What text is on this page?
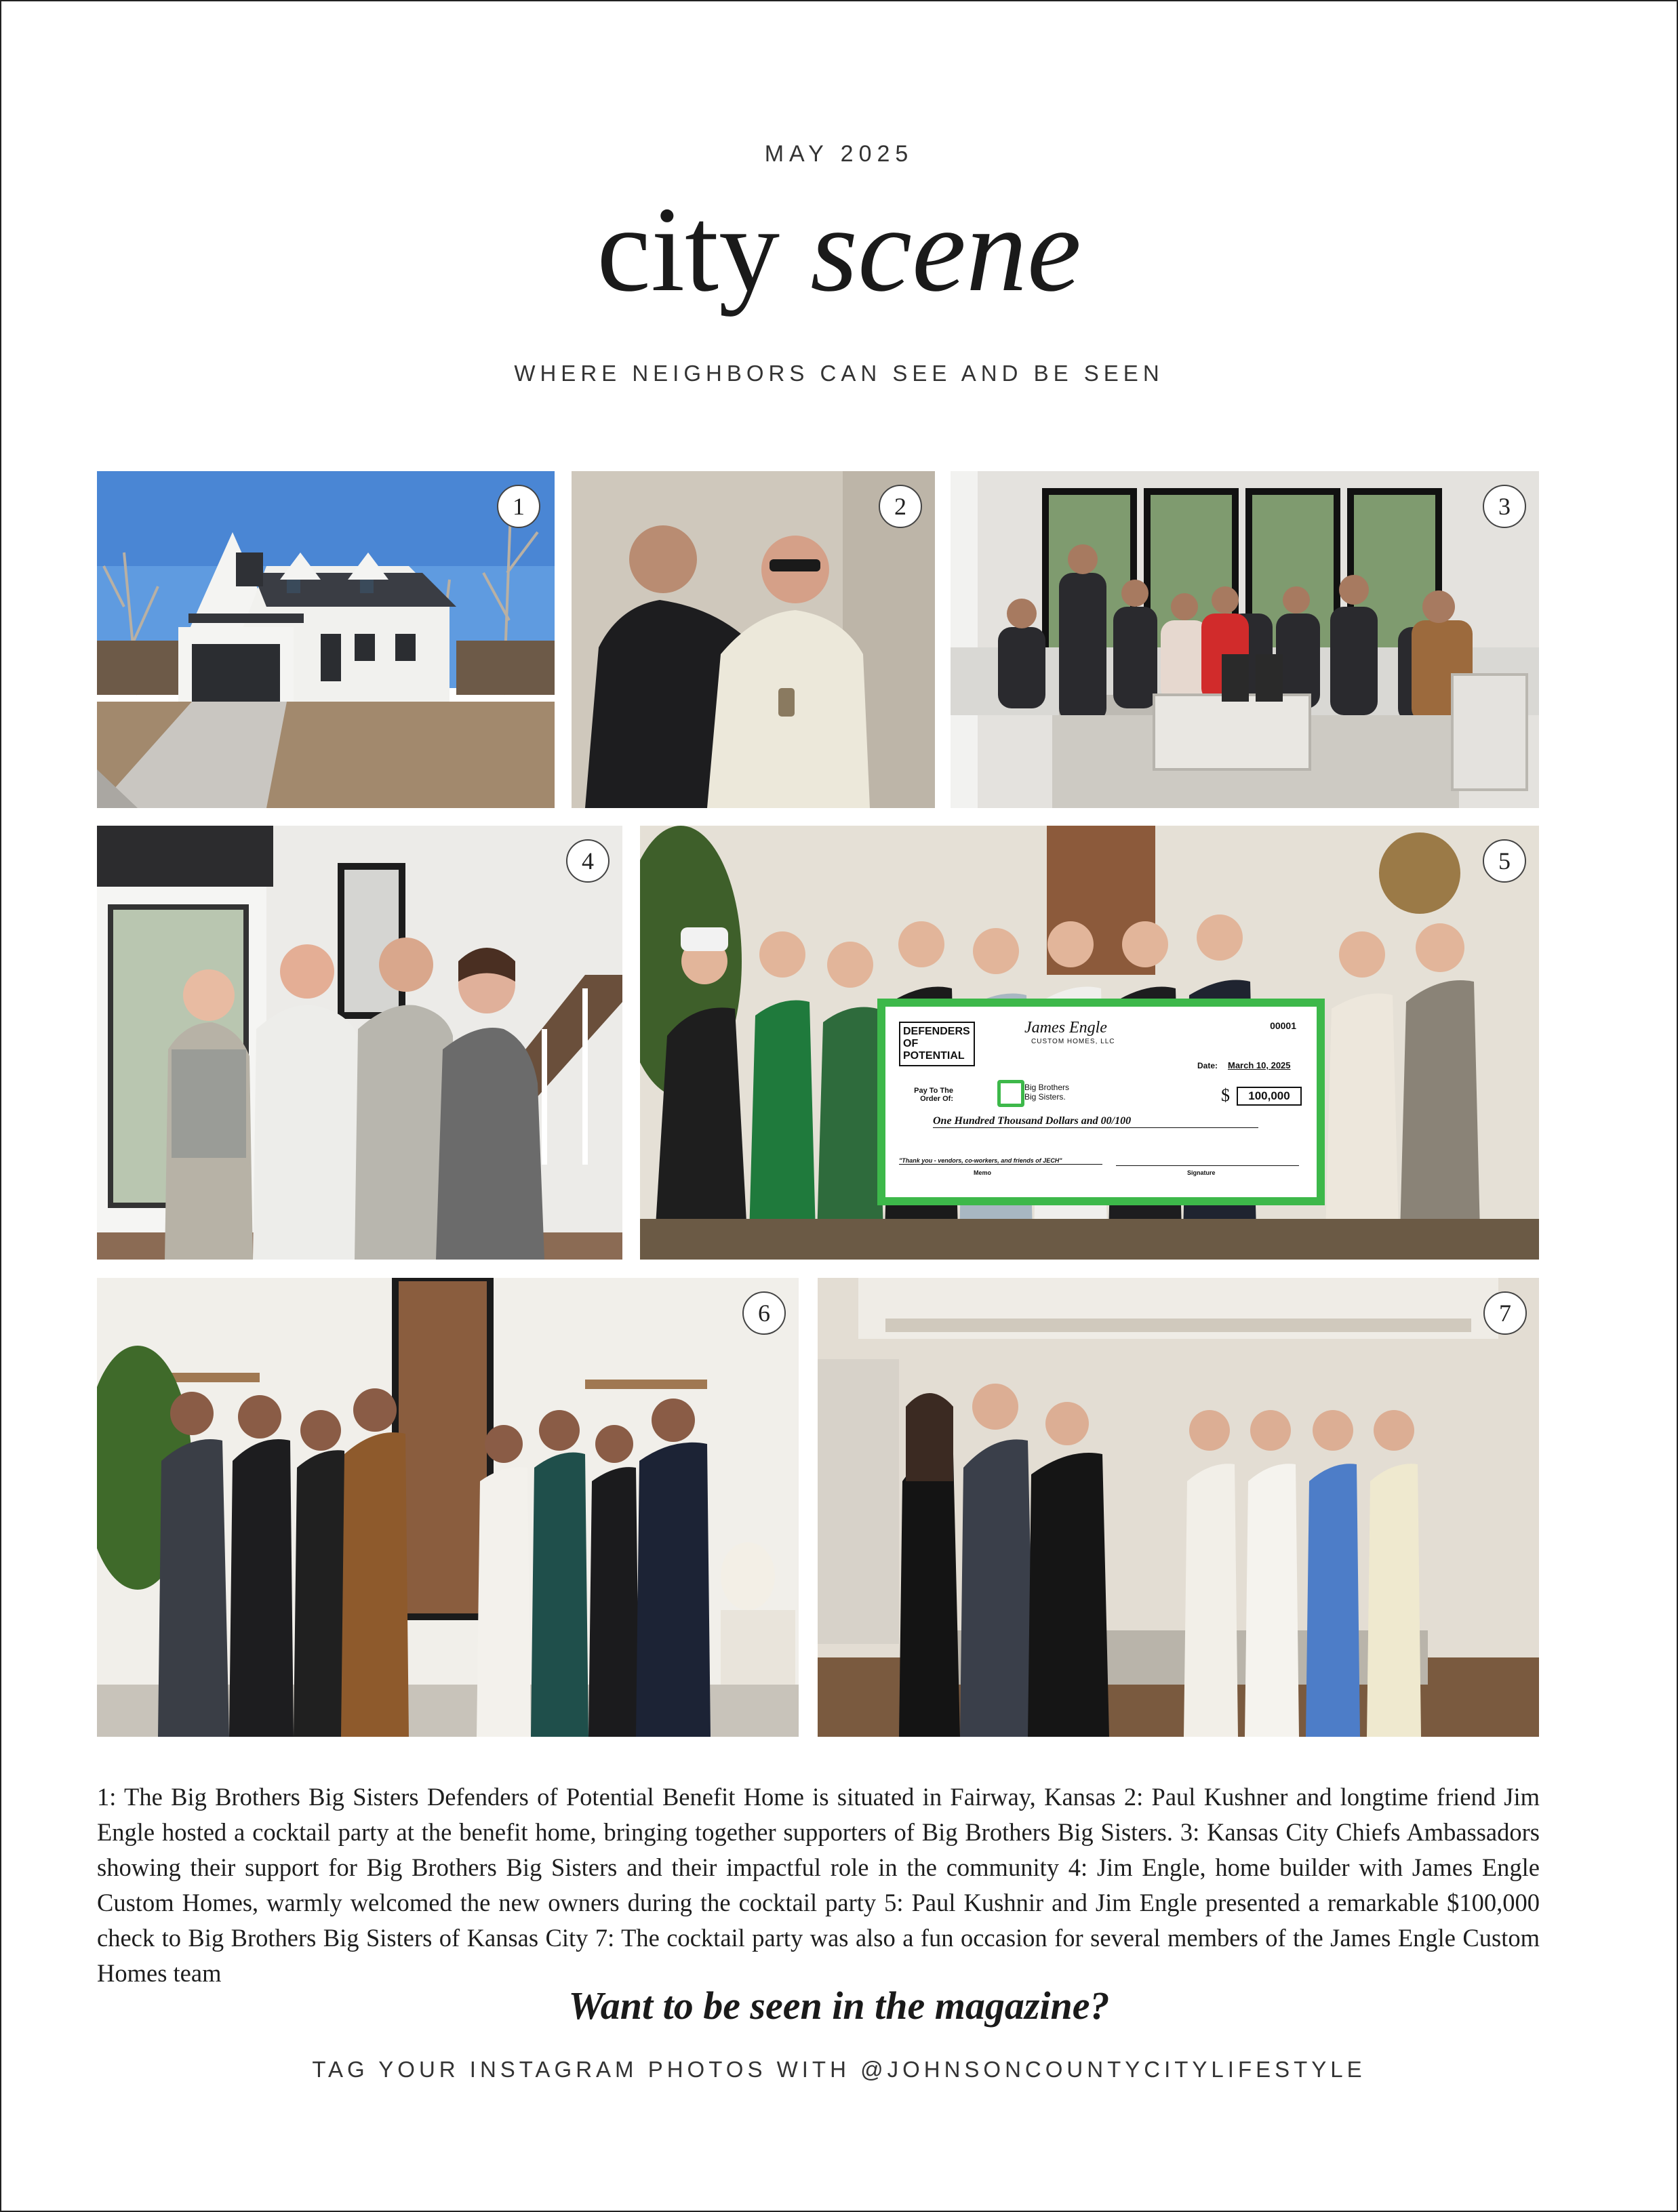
MAY 2025
city scene
WHERE NEIGHBORS CAN SEE AND BE SEEN
1	2	3
4
DEFENDERS OF POTENTIAL
James Engle
CUSTOM HOMES, LLC
00001
Date: March 10, 2025
Pay To The Order Of:
Big Brothers Big Sisters.	$	100,000
One Hundred Thousand Dollars and 00/100
"Thank you - vendors, co-workers, and friends of JECH"
Memo	Signature
5
6	7
1: The Big Brothers Big Sisters Defenders of Potential Benefit Home is situated in Fairway, Kansas 2: Paul Kushner and longtime friend Jim Engle hosted a cocktail party at the benefit home, bringing together supporters of Big Brothers Big Sisters. 3: Kansas City Chiefs Ambassadors showing their support for Big Brothers Big Sisters and their impactful role in the community 4: Jim Engle, home builder with James Engle Custom Homes, warmly welcomed the new owners during the cocktail party 5: Paul Kushnir and Jim Engle presented a remarkable $100,000 check to Big Brothers Big Sisters of Kansas City 7: The cocktail party was also a fun occasion for several members of the James Engle Custom Homes team
Want to be seen in the magazine?
TAG YOUR INSTAGRAM PHOTOS WITH @JOHNSONCOUNTYCITYLIFESTYLE
